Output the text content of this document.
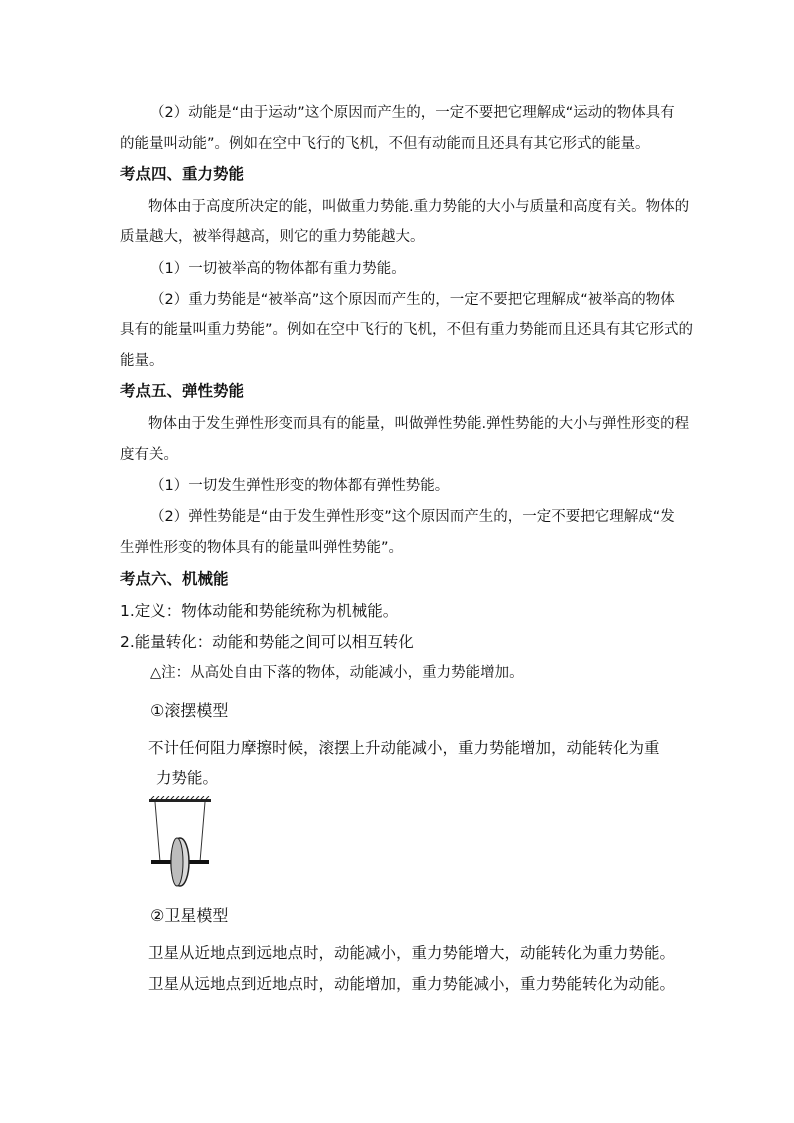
（2）动能是“由于运动”这个原因而产生的，一定不要把它理解成“运动的物体具有
的能量叫动能”。例如在空中飞行的飞机，不但有动能而且还具有其它形式的能量。
考点四、重力势能
物体由于高度所决定的能，叫做重力势能.重力势能的大小与质量和高度有关。物体的
质量越大，被举得越高，则它的重力势能越大。
（1）一切被举高的物体都有重力势能。
（2）重力势能是“被举高”这个原因而产生的，一定不要把它理解成“被举高的物体
具有的能量叫重力势能”。例如在空中飞行的飞机，不但有重力势能而且还具有其它形式的
能量。
考点五、弹性势能
物体由于发生弹性形变而具有的能量，叫做弹性势能.弹性势能的大小与弹性形变的程
度有关。
（1）一切发生弹性形变的物体都有弹性势能。
（2）弹性势能是“由于发生弹性形变”这个原因而产生的，一定不要把它理解成“发
生弹性形变的物体具有的能量叫弹性势能”。
考点六、机械能
1.定义：物体动能和势能统称为机械能。
2.能量转化：动能和势能之间可以相互转化
△注：从高处自由下落的物体，动能减小，重力势能增加。
①滚摆模型
不计任何阻力摩擦时候，滚摆上升动能减小，重力势能增加，动能转化为重
力势能。
②卫星模型
卫星从近地点到远地点时，动能减小，重力势能增大，动能转化为重力势能。
卫星从远地点到近地点时，动能增加，重力势能减小，重力势能转化为动能。
